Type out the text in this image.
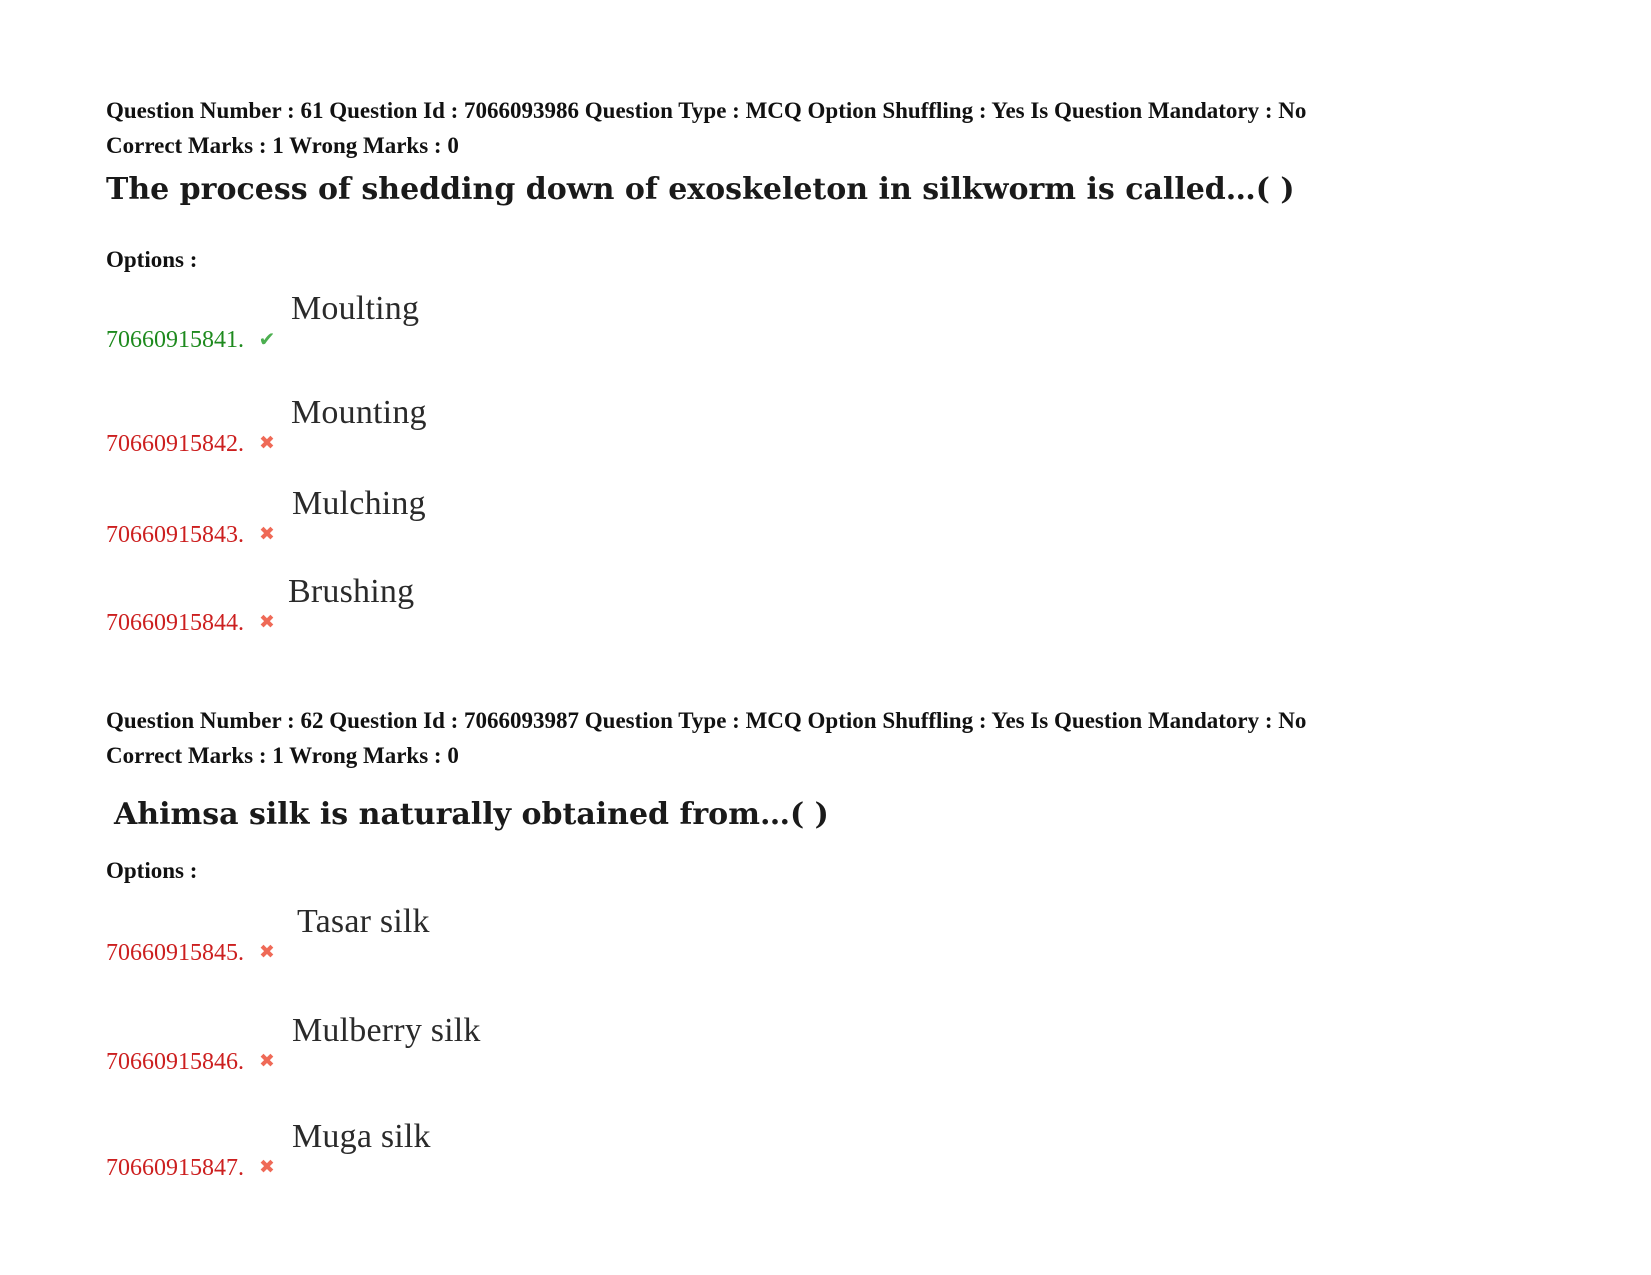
Question Number : 61 Question Id : 7066093986 Question Type : MCQ Option Shuffling : Yes Is Question Mandatory : No
Correct Marks : 1 Wrong Marks : 0
The process of shedding down of exoskeleton in silkworm is called…( )
Options :
70660915841. ✔
Moulting
70660915842. ✖
Mounting
70660915843. ✖
Mulching
70660915844. ✖
Brushing
Question Number : 62 Question Id : 7066093987 Question Type : MCQ Option Shuffling : Yes Is Question Mandatory : No
Correct Marks : 1 Wrong Marks : 0
Ahimsa silk is naturally obtained from…( )
Options :
70660915845. ✖
Tasar silk
70660915846. ✖
Mulberry silk
70660915847. ✖
Muga silk
